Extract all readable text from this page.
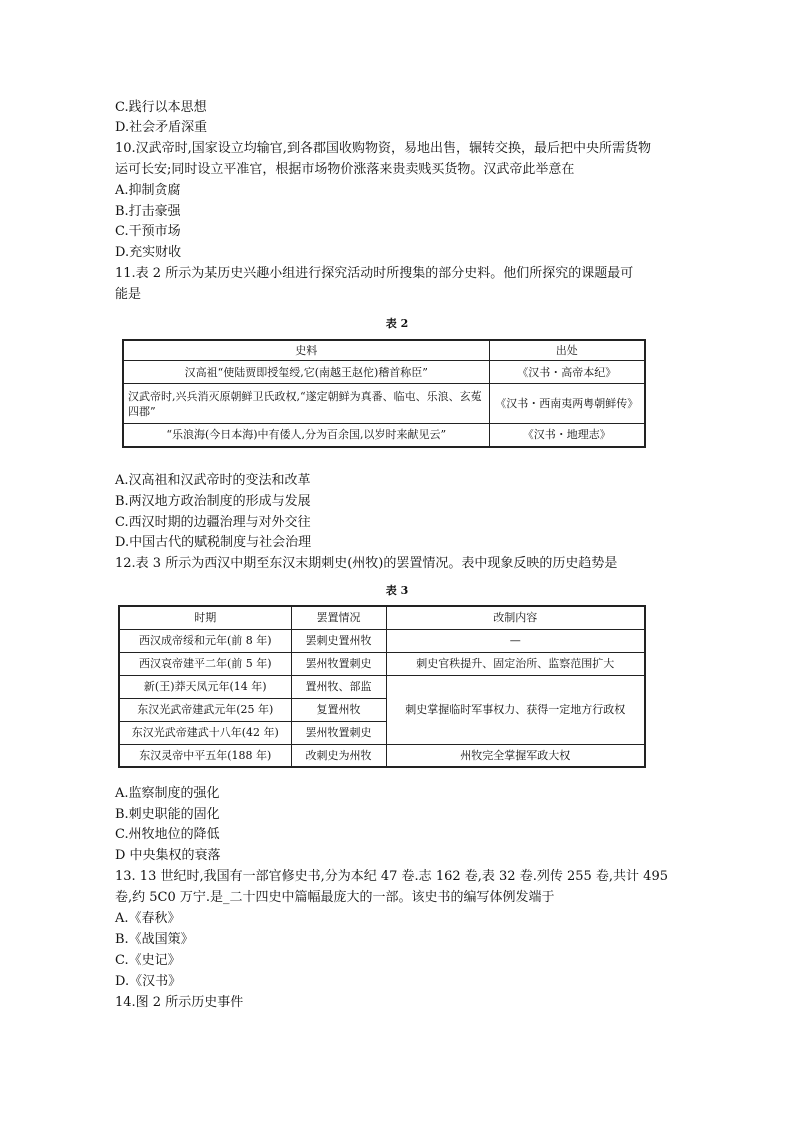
C.践行以本思想
D.社会矛盾深重
10.汉武帝时,国家设立均输官,到各郡国收购物资，易地出售，辗转交换，最后把中央所需货物
运可长安;同时设立平准官，根据市场物价涨落来贵卖贱买货物。汉武帝此举意在
A.抑制贪腐
B.打击豪强
C.干预市场
D.充实财收
11.表 2 所示为某历史兴趣小组进行探究活动时所搜集的部分史料。他们所探究的课题最可
能是
表 2
史料	出处
汉高祖“使陆贾即授玺绶,它(南越王赵佗)稽首称臣”	《汉书・高帝本纪》
汉武帝时,兴兵消灭原朝鲜卫氏政权,“遂定朝鲜为真番、临屯、乐浪、玄菟四郡”	《汉书・西南夷两粤朝鲜传》
“乐浪海(今日本海)中有倭人,分为百余国,以岁时来献见云”	《汉书・地理志》
A.汉高祖和汉武帝时的变法和改革
B.两汉地方政治制度的形成与发展
C.西汉时期的边疆治理与对外交往
D.中国古代的赋税制度与社会治理
12.表 3 所示为西汉中期至东汉末期刺史(州牧)的罢置情况。表中现象反映的历史趋势是
表 3
时期	罢置情况	改制内容
西汉成帝绥和元年(前 8 年)	罢刺史置州牧	—
西汉哀帝建平二年(前 5 年)	罢州牧置刺史	刺史官秩提升、固定治所、监察范围扩大
新(王)莽天凤元年(14 年)	置州牧、部监	刺史掌握临时军事权力、获得一定地方行政权
东汉光武帝建武元年(25 年)	复置州牧	
东汉光武帝建武十八年(42 年)	罢州牧置刺史	
东汉灵帝中平五年(188 年)	改刺史为州牧	州牧完全掌握军政大权
A.监察制度的强化
B.刺史职能的固化
C.州牧地位的降低
D 中央集权的衰落
13. 13 世纪时,我国有一部官修史书,分为本纪 47 卷.志 162 卷,表 32 卷.列传 255 卷,共计 495
卷,约 5C0 万宁.是_二十四史中篇幅最庞大的一部。该史书的编写体例发端于
A.《春秋》
B.《战国策》
C.《史记》
D.《汉书》
14.图 2 所示历史事件
